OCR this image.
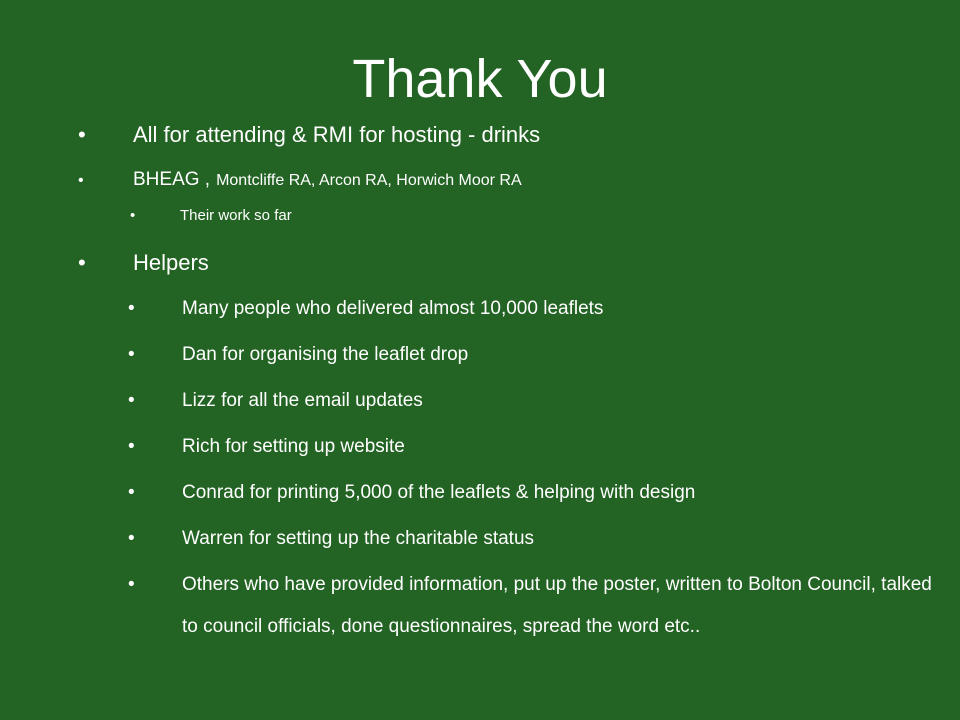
Thank You
•	All for attending & RMI for hosting - drinks
•	BHEAG , Montcliffe RA, Arcon RA, Horwich Moor RA
•	Their work so far
•	Helpers
•	Many people who delivered almost 10,000 leaflets
•	Dan for organising the leaflet drop
•	Lizz for all the email updates
•	Rich for setting up website
•	Conrad for printing 5,000 of the leaflets & helping with design
•	Warren for setting up the charitable status
•	Others who have provided information, put up the poster, written to Bolton Council, talked to council officials, done questionnaires, spread the word etc..
